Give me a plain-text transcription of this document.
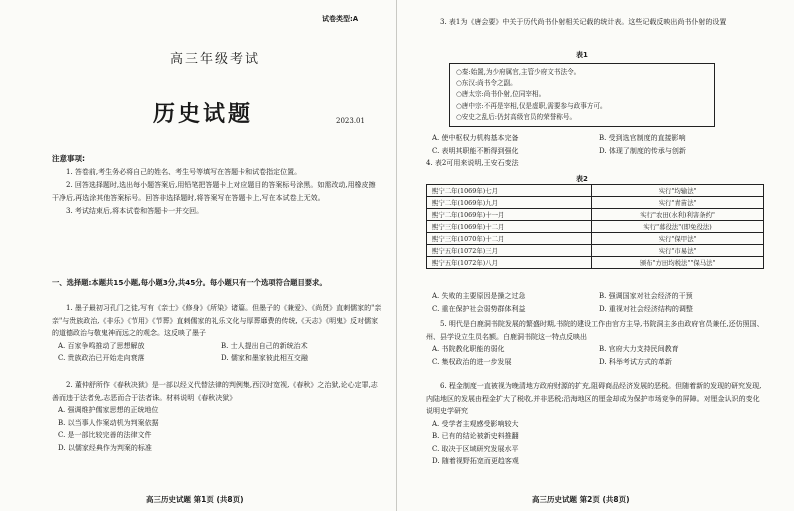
高三年级考试
历史试题
注意事项:

1. 答卷前,考生务必将自己的姓名、考生号等填写在答题卡和试卷指定位置。

2. 回答选择题时,选出每小题答案后,用铅笔把答题卡上对应题目的答案标号涂黑。如需改动,用橡皮擦干净后,再选涂其他答案标号。回答非选择题时,将答案写在答题卡上,写在本试卷上无效。

3. 考试结束后,将本试卷和答题卡一并交回。

一、选择题:本题共15小题,每小题3分,共45分。每小题只有一个选项符合题目要求。

1. 墨子最初习孔门之徒,写有《亲士》《修身》《所染》诸篇。但墨子的《兼爱》、《尚贤》直刺儒家的"亲亲"与贵族政治,《非乐》《节用》《节葬》直刺儒家的礼乐文化与厚葬靡费的传统,《天志》《明鬼》反对儒家的道德政治与敬鬼神而远之的观念。这反映了墨子

A. 百家争鸣推动了思想解放	B. 士人提出自己的新统治术
C. 贵族政治已开始走向衰落	D. 儒家和墨家彼此相互交融

2. 董仲舒所作《春秋决狱》是一部以经义代替法律的判例集,西汉时宽视,《春秋》之治狱,论心定罪,志善而违于法者免,志恶而合于法者诛。材料说明《春秋决狱》

A. 强调维护儒家思想的正统地位
B. 以当事人作案动机为判案依据
C. 是一部比较完善的法律文件
D. 以儒家经典作为判案的标准
高三历史试题 第1页 (共8页)
试卷类型:A
2023.01

3. 表1为《唐会要》中关于历代尚书仆射相关记载的统计表。这些记载反映出尚书仆射的设置

表1
○秦:始置,为少府属官,主管少府文书法令。
○东汉:尚书令之副。
○唐太宗:尚书仆射,位同宰相。
○唐中宗:不再是宰相,仅是虚职,需要参与政事方可。
○安史之乱后:仍封高级官员的荣誉称号。
A. 使中枢权力机构基本完备	B. 受到选官制度的直接影响
C. 表明其职能不断得到强化	D. 体现了制度的传承与创新

4. 表2可用来说明,王安石变法

表2
熙宁二年(1069年)七月	实行"均输法"
熙宁二年(1069年)九月	实行"青苗法"
熙宁二年(1069年)十一月	实行"农田(水利)利害条约"
熙宁三年(1069年)十二月	实行"募役法"(即免役法)
熙宁三年(1070年)十二月	实行"保甲法"
熙宁五年(1072年)三月	实行"市易法"
熙宁五年(1072年)八月	颁布"方田均税法""保马法"
A. 失败的主要原因是操之过急	B. 强调国家对社会经济的干预
C. 重在保护社会弱势群体利益	D. 重视对社会经济结构的调整

5. 明代是白鹿洞书院发展的繁盛时期,书院的建设工作由官方主导,书院洞主多由政府官员兼任,还仿照国、州、县学设立生员名额。白鹿洞书院这一特点反映出

A. 书院教化职能的弱化	B. 官府大力支持民间教育
C. 集权政治的进一步发展	D. 科举考试方式的革新

6. 程金制度一直被视为晚清地方政府财源的扩充,阻碍商品经济发展的恶税。但随着新的发现的研究发现,内陆地区的发展由程金扩大了税收,并非恶税;沿海地区的厘金却成为保护市场竞争的屏障。对厘金认识的变化说明史学研究

A. 受学者主观感受影响较大
B. 已有的结论被新史料推翻
C. 取决于区域研究发展水平
D. 随着视野拓宽而更趋客观
高三历史试题 第2页 (共8页)
